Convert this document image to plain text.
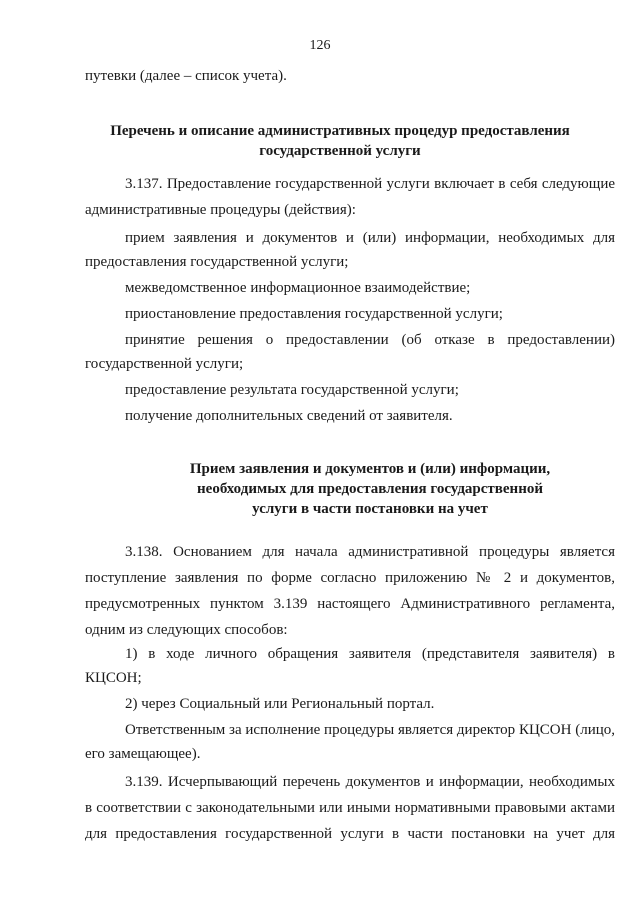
126
путевки (далее – список учета).
Перечень и описание административных процедур предоставления
государственной услуги
3.137. Предоставление государственной услуги включает в себя следующие
административные процедуры (действия):
прием заявления и документов и (или) информации, необходимых для
предоставления государственной услуги;
межведомственное информационное взаимодействие;
приостановление предоставления государственной услуги;
принятие решения о предоставлении (об отказе в предоставлении)
государственной услуги;
предоставление результата государственной услуги;
получение дополнительных сведений от заявителя.
Прием заявления и документов и (или) информации,
необходимых для предоставления государственной
услуги в части постановки на учет
3.138. Основанием для начала административной процедуры является
поступление заявления по форме согласно приложению № 2 и документов,
предусмотренных пунктом 3.139 настоящего Административного регламента,
одним из следующих способов:
1) в ходе личного обращения заявителя (представителя заявителя) в
КЦСОН;
2) через Социальный или Региональный портал.
Ответственным за исполнение процедуры является директор КЦСОН (лицо,
его замещающее).
3.139. Исчерпывающий перечень документов и информации, необходимых
в соответствии с законодательными или иными нормативными правовыми актами
для предоставления государственной услуги в части постановки на учет для
